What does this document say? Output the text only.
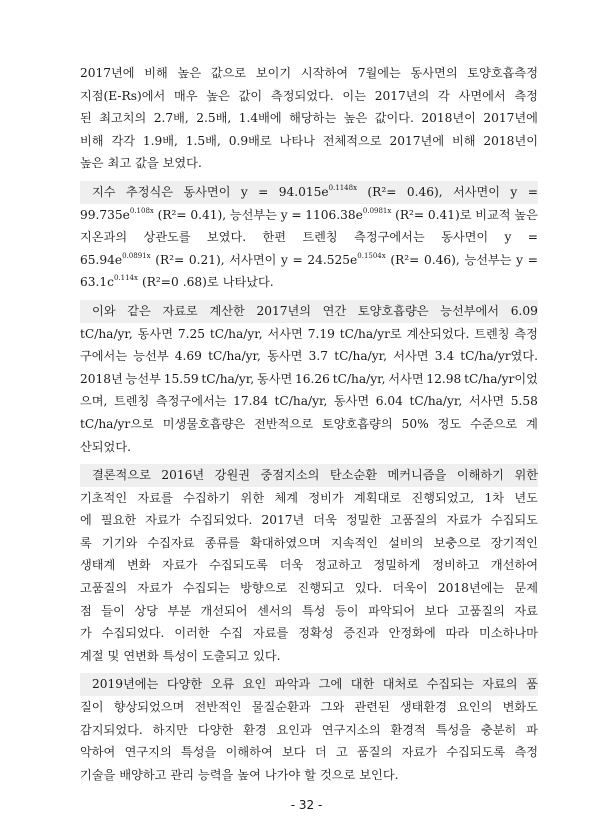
2017년에 비해 높은 값으로 보이기 시작하여 7월에는 동사면의 토양호흡측정
지점(E-Rs)에서 매우 높은 값이 측정되었다. 이는 2017년의 각 사면에서 측정
된 최고치의 2.7배, 2.5배, 1.4배에 해당하는 높은 값이다. 2018년이 2017년에
비해 각각 1.9배, 1.5배, 0.9배로 나타나 전체적으로 2017년에 비해 2018년이
높은 최고 값을 보였다.
지수 추정식은 동사면이 $y = 94.015e^{0.1148x}$ (R²= 0.46), 서사면이 y =
$99.735e^{0.108x}$ (R²= 0.41), 능선부는 $y = 1106.38e^{0.0981x}$ (R²= 0.41)로 비교적 높은
지온과의 상관도를 보였다. 한편 트렌칭 측정구에서는 동사면이 y =
$65.94e^{0.0891x}$ (R²= 0.21), 서사면이 $y = 24.525e^{0.1504x}$ (R²= 0.46), 능선부는 y =
$63.1c^{0.114x}$ (R²=0 .68)로 나타났다.
이와 같은 자료로 계산한 2017년의 연간 토양호흡량은 능선부에서 6.09
tC/ha/yr, 동사면 7.25 tC/ha/yr, 서사면 7.19 tC/ha/yr로 계산되었다. 트렌칭 측정
구에서는 능선부 4.69 tC/ha/yr, 동사면 3.7 tC/ha/yr, 서사면 3.4 tC/ha/yr였다.
2018년 능선부 15.59 tC/ha/yr, 동사면 16.26 tC/ha/yr, 서사면 12.98 tC/ha/yr이었
으며, 트렌칭 측정구에서는 17.84 tC/ha/yr, 동사면 6.04 tC/ha/yr, 서사면 5.58
tC/ha/yr으로 미생물호흡량은 전반적으로 토양호흡량의 50% 정도 수준으로 계
산되었다.
결론적으로 2016년 강원권 중점지소의 탄소순환 메커니즘을 이해하기 위한
기초적인 자료를 수집하기 위한 체계 정비가 계획대로 진행되었고, 1차 년도
에 필요한 자료가 수집되었다. 2017년 더욱 정밀한 고품질의 자료가 수집되도
록 기기와 수집자료 종류를 확대하였으며 지속적인 설비의 보충으로 장기적인
생태계 변화 자료가 수집되도록 더욱 정교하고 정밀하게 정비하고 개선하여
고품질의 자료가 수집되는 방향으로 진행되고 있다. 더욱이 2018년에는 문제
점 들이 상당 부분 개선되어 센서의 특성 등이 파악되어 보다 고품질의 자료
가 수집되었다. 이러한 수집 자료를 정확성 증진과 안정화에 따라 미소하나마
계절 및 연변화 특성이 도출되고 있다.
2019년에는 다양한 오류 요인 파악과 그에 대한 대처로 수집되는 자료의 품
질이 향상되었으며 전반적인 물질순환과 그와 관련된 생태환경 요인의 변화도
감지되었다. 하지만 다양한 환경 요인과 연구지소의 환경적 특성을 충분히 파
악하여 연구지의 특성을 이해하여 보다 더 고 품질의 자료가 수집되도록 측정
기술을 배양하고 관리 능력을 높여 나가야 할 것으로 보인다.
- 32 -
